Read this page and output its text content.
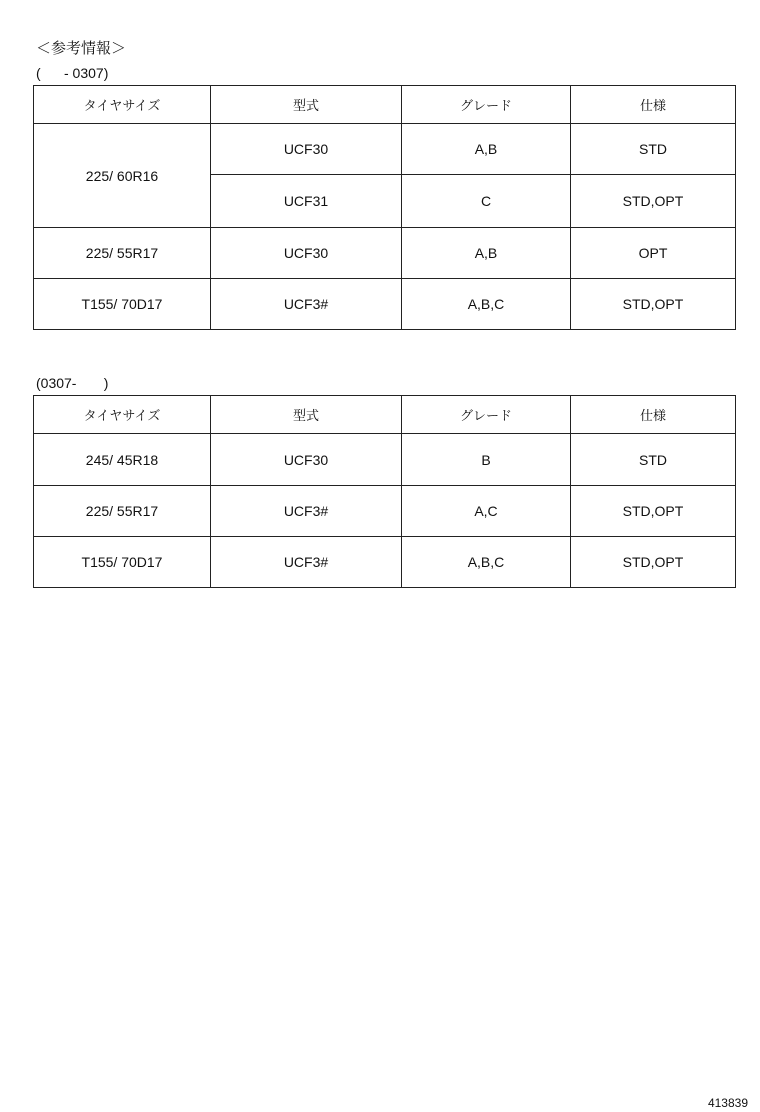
＜参考情報＞
(      - 0307)
タイヤサイズ	型式	グレード	仕様
225/ 60R16	UCF30	A,B	STD
	UCF31	C	STD,OPT
225/ 55R17	UCF30	A,B	OPT
T155/ 70D17	UCF3#	A,B,C	STD,OPT
(0307-       )
タイヤサイズ	型式	グレード	仕様
245/ 45R18	UCF30	B	STD
225/ 55R17	UCF3#	A,C	STD,OPT
T155/ 70D17	UCF3#	A,B,C	STD,OPT
413839
